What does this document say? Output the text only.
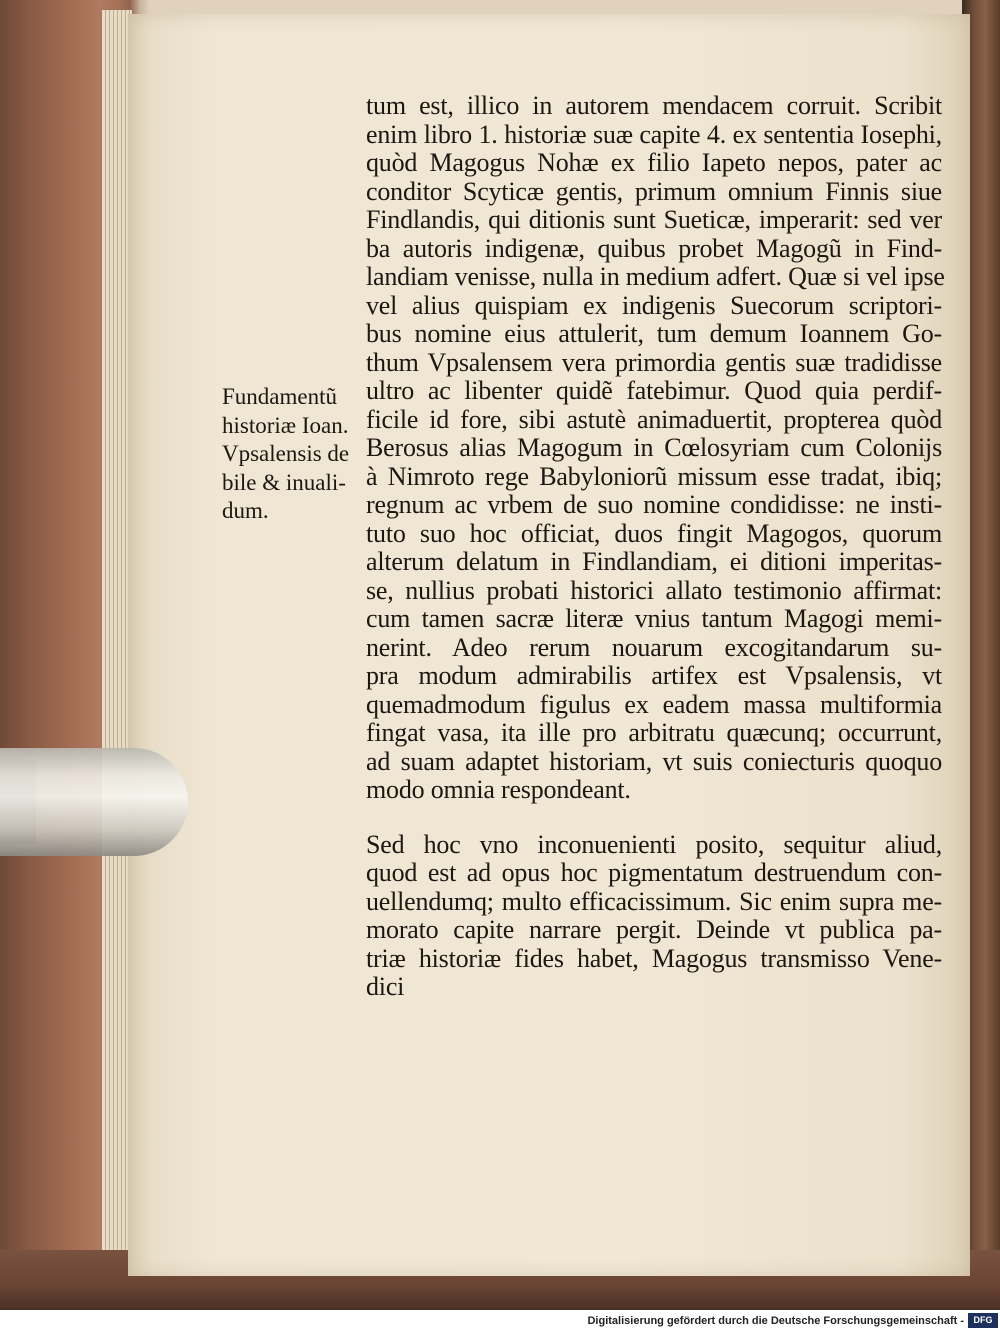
tum est, illico in autorem mendacem corruit. Scribit
enim libro 1. historiæ suæ capite 4. ex sententia Iosephi,
quòd Magogus Nohæ ex filio Iapeto nepos, pater ac
conditor Scyticæ gentis, primum omnium Finnis siue
Findlandis, qui ditionis sunt Sueticæ, imperarit: sed ver
ba autoris indigenæ, quibus probet Magogũ in Find-
landiam venisse, nulla in medium adfert. Quæ si vel ipse
vel alius quispiam ex indigenis Suecorum scriptori-
bus nomine eius attulerit, tum demum Ioannem Go-
thum Vpsalensem vera primordia gentis suæ tradidisse
ultro ac libenter quidẽ fatebimur. Quod quia perdif-
ficile id fore, sibi astutè animaduertit, propterea quòd
Berosus alias Magogum in Cœlosyriam cum Colonijs
à Nimroto rege Babyloniorũ missum esse tradat, ibiq;
regnum ac vrbem de suo nomine condidisse: ne insti-
tuto suo hoc officiat, duos fingit Magogos, quorum
alterum delatum in Findlandiam, ei ditioni imperitas-
se, nullius probati historici allato testimonio affirmat:
cum tamen sacræ literæ vnius tantum Magogi memi-
nerint. Adeo rerum nouarum excogitandarum su-
pra modum admirabilis artifex est Vpsalensis, vt
quemadmodum figulus ex eadem massa multiformia
fingat vasa, ita ille pro arbitratu quæcunq; occurrunt,
ad suam adaptet historiam, vt suis coniecturis quoquo
modo omnia respondeant.
Sed hoc vno inconuenienti posito, sequitur aliud,
quod est ad opus hoc pigmentatum destruendum con-
uellendumq; multo efficacissimum. Sic enim supra me-
morato capite narrare pergit. Deinde vt publica pa-
triæ historiæ fides habet, Magogus transmisso Vene-
dici
Fundamentũ
historiæ Ioan.
Vpsalensis de
bile & inuali-
dum.
Digitalisierung gefördert durch die Deutsche Forschungsgemeinschaft -	DFG
